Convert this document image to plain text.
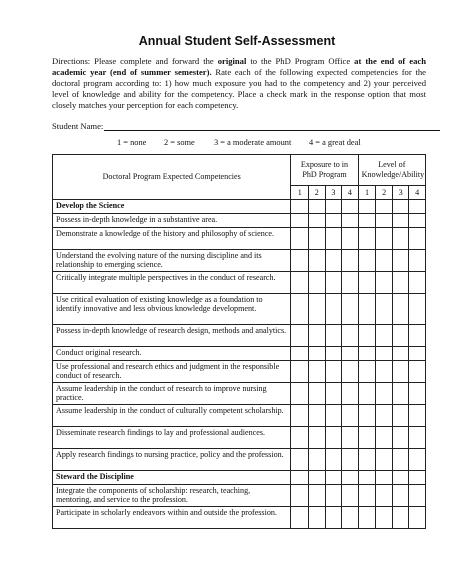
Annual Student Self-Assessment
Directions: Please complete and forward the original to the PhD Program Office at the end of each academic year (end of summer semester). Rate each of the following expected competencies for the doctoral program according to: 1) how much exposure you had to the competency and 2) your perceived level of knowledge and ability for the competency. Place a check mark in the response option that most closely matches your perception for each competency.
Student Name:
1 = none 2 = some 3 = a moderate amount 4 = a great deal
Doctoral Program Expected Competencies	Exposure to in PhD Program				Level of Knowledge/Ability			
	1	2	3	4	1	2	3	4
Develop the Science								
Possess in-depth knowledge in a substantive area.								
Demonstrate a knowledge of the history and philosophy of science.								
Understand the evolving nature of the nursing discipline and its relationship to emerging science.								
Critically integrate multiple perspectives in the conduct of research.								
Use critical evaluation of existing knowledge as a foundation to identify innovative and less obvious knowledge development.								
Possess in-depth knowledge of research design, methods and analytics.								
Conduct original research.								
Use professional and research ethics and judgment in the responsible conduct of research.								
Assume leadership in the conduct of research to improve nursing practice.								
Assume leadership in the conduct of culturally competent scholarship.								
Disseminate research findings to lay and professional audiences.								
Apply research findings to nursing practice, policy and the profession.								
Steward the Discipline								
Integrate the components of scholarship: research, teaching, mentoring, and service to the profession.								
Participate in scholarly endeavors within and outside the profession.								
